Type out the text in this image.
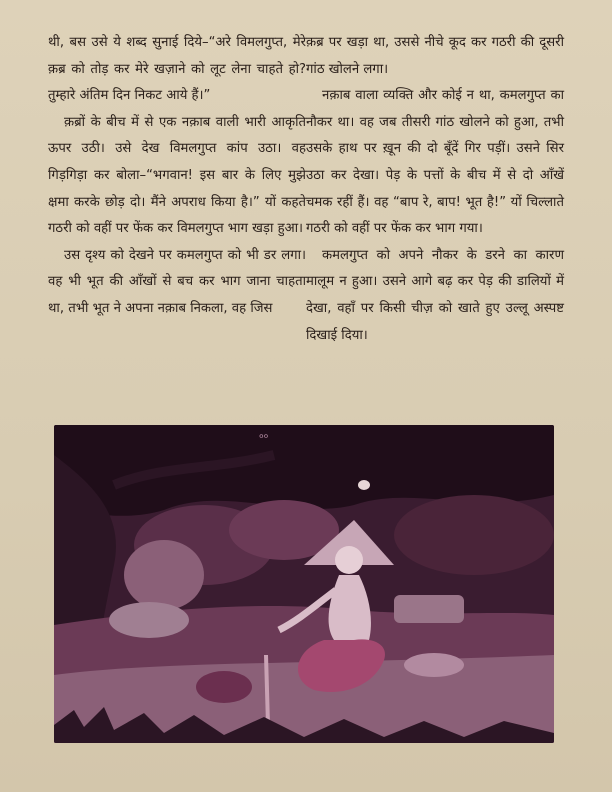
थी, बस उसे ये शब्द सुनाई दिये–“अरे विमलगुप्त, मेरे क़ब्र को तोड़ कर मेरे खज़ाने को लूट लेना चाहते हो? तुम्हारे अंतिम दिन निकट आये हैं।”

क़ब्रों के बीच में से एक नक़ाब वाली भारी आकृति ऊपर उठी। उसे देख विमलगुप्त कांप उठा। वह गिड़गिड़ा कर बोला–“भगवान! इस बार के लिए मुझे क्षमा करके छोड़ दो। मैंने अपराध किया है।” यों कहते गठरी को वहीं पर फेंक कर विमलगुप्त भाग खड़ा हुआ।

उस दृश्य को देखने पर कमलगुप्त को भी डर लगा। वह भी भूत की आँखों से बच कर भाग जाना चाहता था, तभी भूत ने अपना नक़ाब निकला, वह जिस

क़ब्र पर खड़ा था, उससे नीचे कूद कर गठरी की दूसरी गांठ खोलने लगा।

नक़ाब वाला व्यक्ति और कोई न था, कमलगुप्त का नौकर था। वह जब तीसरी गांठ खोलने को हुआ, तभी उसके हाथ पर ख़ून की दो बूँदें गिर पड़ीं। उसने सिर उठा कर देखा। पेड़ के पत्तों के बीच में से दो आँखें चमक रहीं हैं। वह “बाप रे, बाप! भूत है!” यों चिल्लाते गठरी को वहीं पर फेंक कर भाग गया।

कमलगुप्त को अपने नौकर के डरने का कारण मालूम न हुआ। उसने आगे बढ़ कर पेड़ की डालियों में देखा, वहाँ पर किसी चीज़ को खाते हुए उल्लू अस्पष्ट दिखाई दिया।

००
